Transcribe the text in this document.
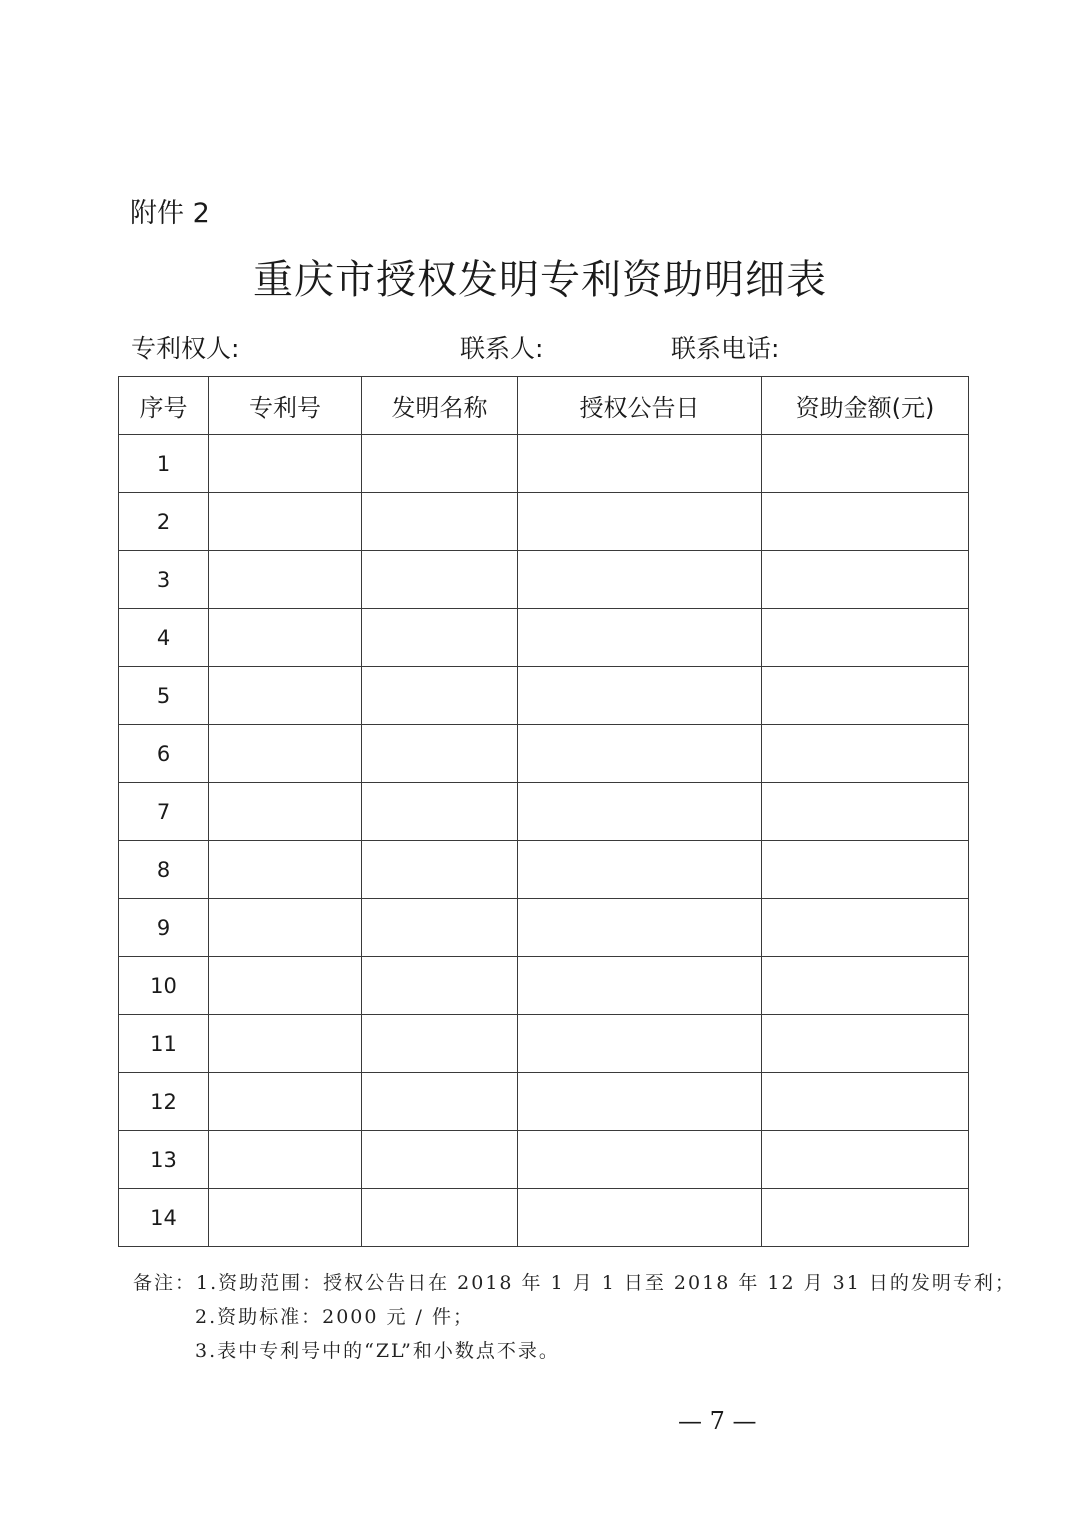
附件 2
重庆市授权发明专利资助明细表
专利权人:	联系人:	联系电话:
序号	专利号	发明名称	授权公告日	资助金额(元)
1				
2				
3				
4				
5				
6				
7				
8				
9				
10				
11				
12				
13				
14				
备注：1.资助范围：授权公告日在 2018 年 1 月 1 日至 2018 年 12 月 31 日的发明专利；
2.资助标准：2000 元 / 件；
3.表中专利号中的“ZL”和小数点不录。
— 7 —
